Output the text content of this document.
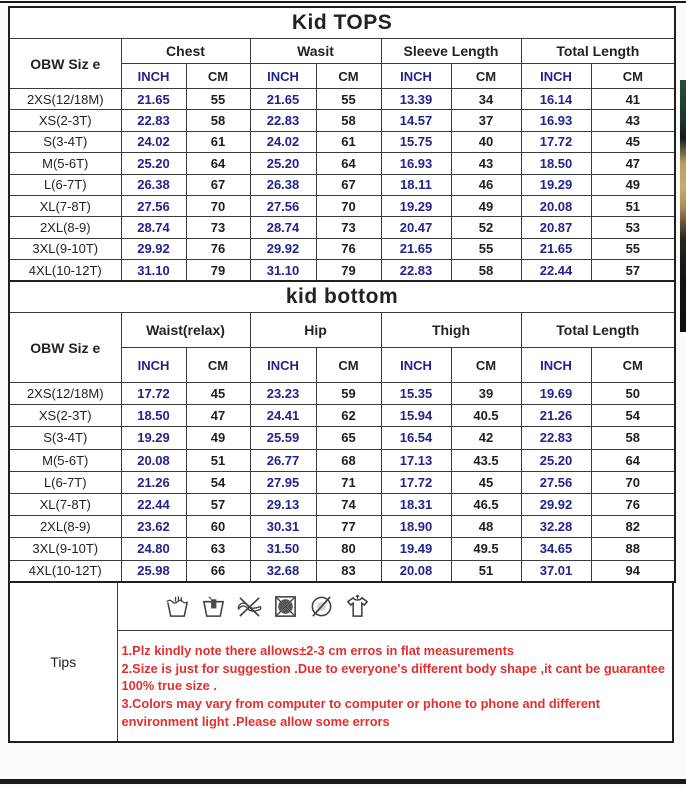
Kid TOPS								
OBW Siz e	Chest		Wasit		Sleeve Length		Total Length	
	INCH	CM	INCH	CM	INCH	CM	INCH	CM
2XS(12/18M)	21.65	55	21.65	55	13.39	34	16.14	41
XS(2-3T)	22.83	58	22.83	58	14.57	37	16.93	43
S(3-4T)	24.02	61	24.02	61	15.75	40	17.72	45
M(5-6T)	25.20	64	25.20	64	16.93	43	18.50	47
L(6-7T)	26.38	67	26.38	67	18.11	46	19.29	49
XL(7-8T)	27.56	70	27.56	70	19.29	49	20.08	51
2XL(8-9)	28.74	73	28.74	73	20.47	52	20.87	53
3XL(9-10T)	29.92	76	29.92	76	21.65	55	21.65	55
4XL(10-12T)	31.10	79	31.10	79	22.83	58	22.44	57
kid bottom								
OBW Siz e	Waist(relax)		Hip		Thigh		Total Length	
	INCH	CM	INCH	CM	INCH	CM	INCH	CM
2XS(12/18M)	17.72	45	23.23	59	15.35	39	19.69	50
XS(2-3T)	18.50	47	24.41	62	15.94	40.5	21.26	54
S(3-4T)	19.29	49	25.59	65	16.54	42	22.83	58
M(5-6T)	20.08	51	26.77	68	17.13	43.5	25.20	64
L(6-7T)	21.26	54	27.95	71	17.72	45	27.56	70
XL(7-8T)	22.44	57	29.13	74	18.31	46.5	29.92	76
2XL(8-9)	23.62	60	30.31	77	18.90	48	32.28	82
3XL(9-10T)	24.80	63	31.50	80	19.49	49.5	34.65	88
4XL(10-12T)	25.98	66	32.68	83	20.08	51	37.01	94
Tips	

1.Plz kindly note there allows±2-3 cm erros in flat measurements
2.Size is just for suggestion .Due to everyone's different body shape ,it cant be guarantee 100% true size .
3.Colors may vary from computer to computer or phone to phone and different environment light .Please allow some errors
